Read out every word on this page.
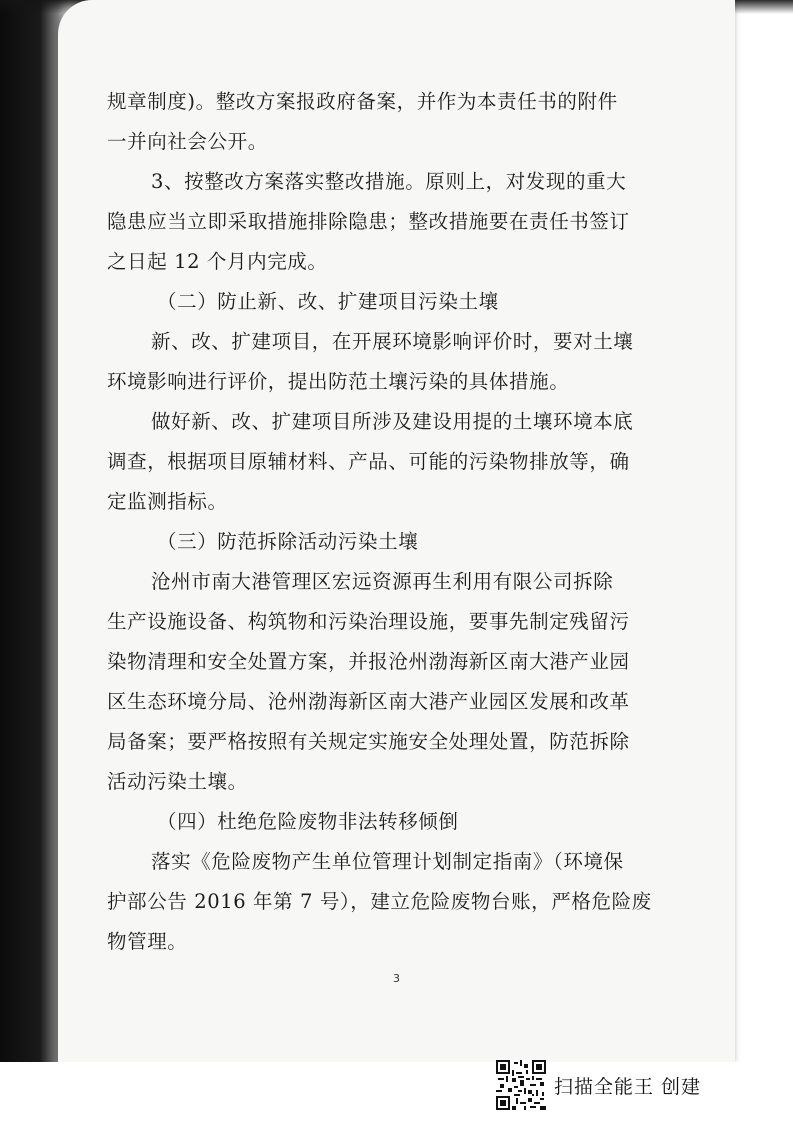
规章制度)。整改方案报政府备案，并作为本责任书的附件
一并向社会公开。
3、按整改方案落实整改措施。原则上，对发现的重大
隐患应当立即采取措施排除隐患；整改措施要在责任书签订
之日起 12 个月内完成。
（二）防止新、改、扩建项目污染土壤
新、改、扩建项目，在开展环境影响评价时，要对土壤
环境影响进行评价，提出防范土壤污染的具体措施。
做好新、改、扩建项目所涉及建设用提的土壤环境本底
调查，根据项目原辅材料、产品、可能的污染物排放等，确
定监测指标。
（三）防范拆除活动污染土壤
沧州市南大港管理区宏远资源再生利用有限公司拆除
生产设施设备、构筑物和污染治理设施，要事先制定残留污
染物清理和安全处置方案，并报沧州渤海新区南大港产业园
区生态环境分局、沧州渤海新区南大港产业园区发展和改革
局备案；要严格按照有关规定实施安全处理处置，防范拆除
活动污染土壤。
（四）杜绝危险废物非法转移倾倒
落实《危险废物产生单位管理计划制定指南》（环境保
护部公告 2016 年第 7 号），建立危险废物台账，严格危险废
物管理。
3
扫描全能王 创建
